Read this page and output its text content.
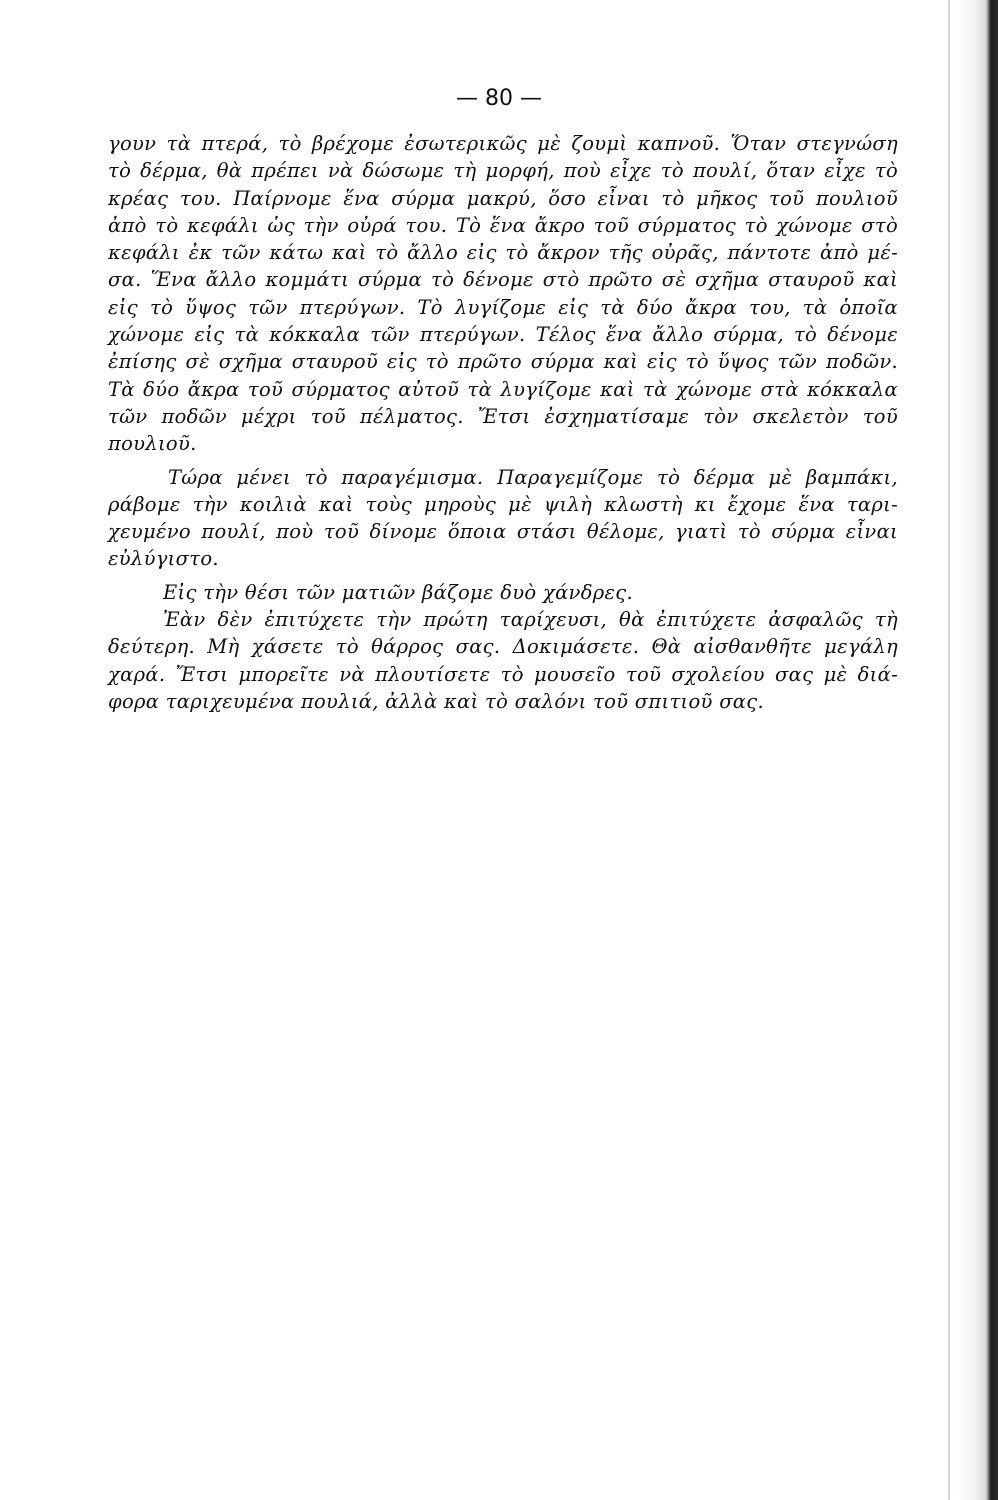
— 80 —
γουν τὰ πτερά, τὸ βρέχομε ἐσωτερικῶς μὲ ζουμὶ καπνοῦ. Ὅταν στεγνώση
τὸ δέρμα, θὰ πρέπει νὰ δώσωμε τὴ μορφή, ποὺ εἶχε τὸ πουλί, ὅταν εἶχε τὸ
κρέας του. Παίρνομε ἕνα σύρμα μακρύ, ὅσο εἶναι τὸ μῆκος τοῦ πουλιοῦ
ἀπὸ τὸ κεφάλι ὡς τὴν οὐρά του. Τὸ ἕνα ἄκρο τοῦ σύρματος τὸ χώνομε στὸ
κεφάλι ἐκ τῶν κάτω καὶ τὸ ἄλλο εἰς τὸ ἄκρον τῆς οὐρᾶς, πάντοτε ἀπὸ μέ-
σα. Ἕνα ἄλλο κομμάτι σύρμα τὸ δένομε στὸ πρῶτο σὲ σχῆμα σταυροῦ καὶ
εἰς τὸ ὕψος τῶν πτερύγων. Τὸ λυγίζομε εἰς τὰ δύο ἄκρα του, τὰ ὁποῖα
χώνομε εἰς τὰ κόκκαλα τῶν πτερύγων. Τέλος ἕνα ἄλλο σύρμα, τὸ δένομε
ἐπίσης σὲ σχῆμα σταυροῦ εἰς τὸ πρῶτο σύρμα καὶ εἰς τὸ ὕψος τῶν ποδῶν.
Τὰ δύο ἄκρα τοῦ σύρματος αὐτοῦ τὰ λυγίζομε καὶ τὰ χώνομε στὰ κόκκαλα
τῶν ποδῶν μέχρι τοῦ πέλματος. Ἔτσι ἐσχηματίσαμε τὸν σκελετὸν τοῦ
πουλιοῦ.
Τώρα μένει τὸ παραγέμισμα. Παραγεμίζομε τὸ δέρμα μὲ βαμπάκι,
ράβομε τὴν κοιλιὰ καὶ τοὺς μηροὺς μὲ ψιλὴ κλωστὴ κι ἔχομε ἕνα ταρι-
χευμένο πουλί, ποὺ τοῦ δίνομε ὅποια στάσι θέλομε, γιατὶ τὸ σύρμα εἶναι
εὐλύγιστο.
Εἰς τὴν θέσι τῶν ματιῶν βάζομε δυὸ χάνδρες.
Ἐὰν δὲν ἐπιτύχετε τὴν πρώτη ταρίχευσι, θὰ ἐπιτύχετε ἀσφαλῶς τὴ
δεύτερη. Μὴ χάσετε τὸ θάρρος σας. Δοκιμάσετε. Θὰ αἰσθανθῆτε μεγάλη
χαρά. Ἔτσι μπορεῖτε νὰ πλουτίσετε τὸ μουσεῖο τοῦ σχολείου σας μὲ διά-
φορα ταριχευμένα πουλιά, ἀλλὰ καὶ τὸ σαλόνι τοῦ σπιτιοῦ σας.
